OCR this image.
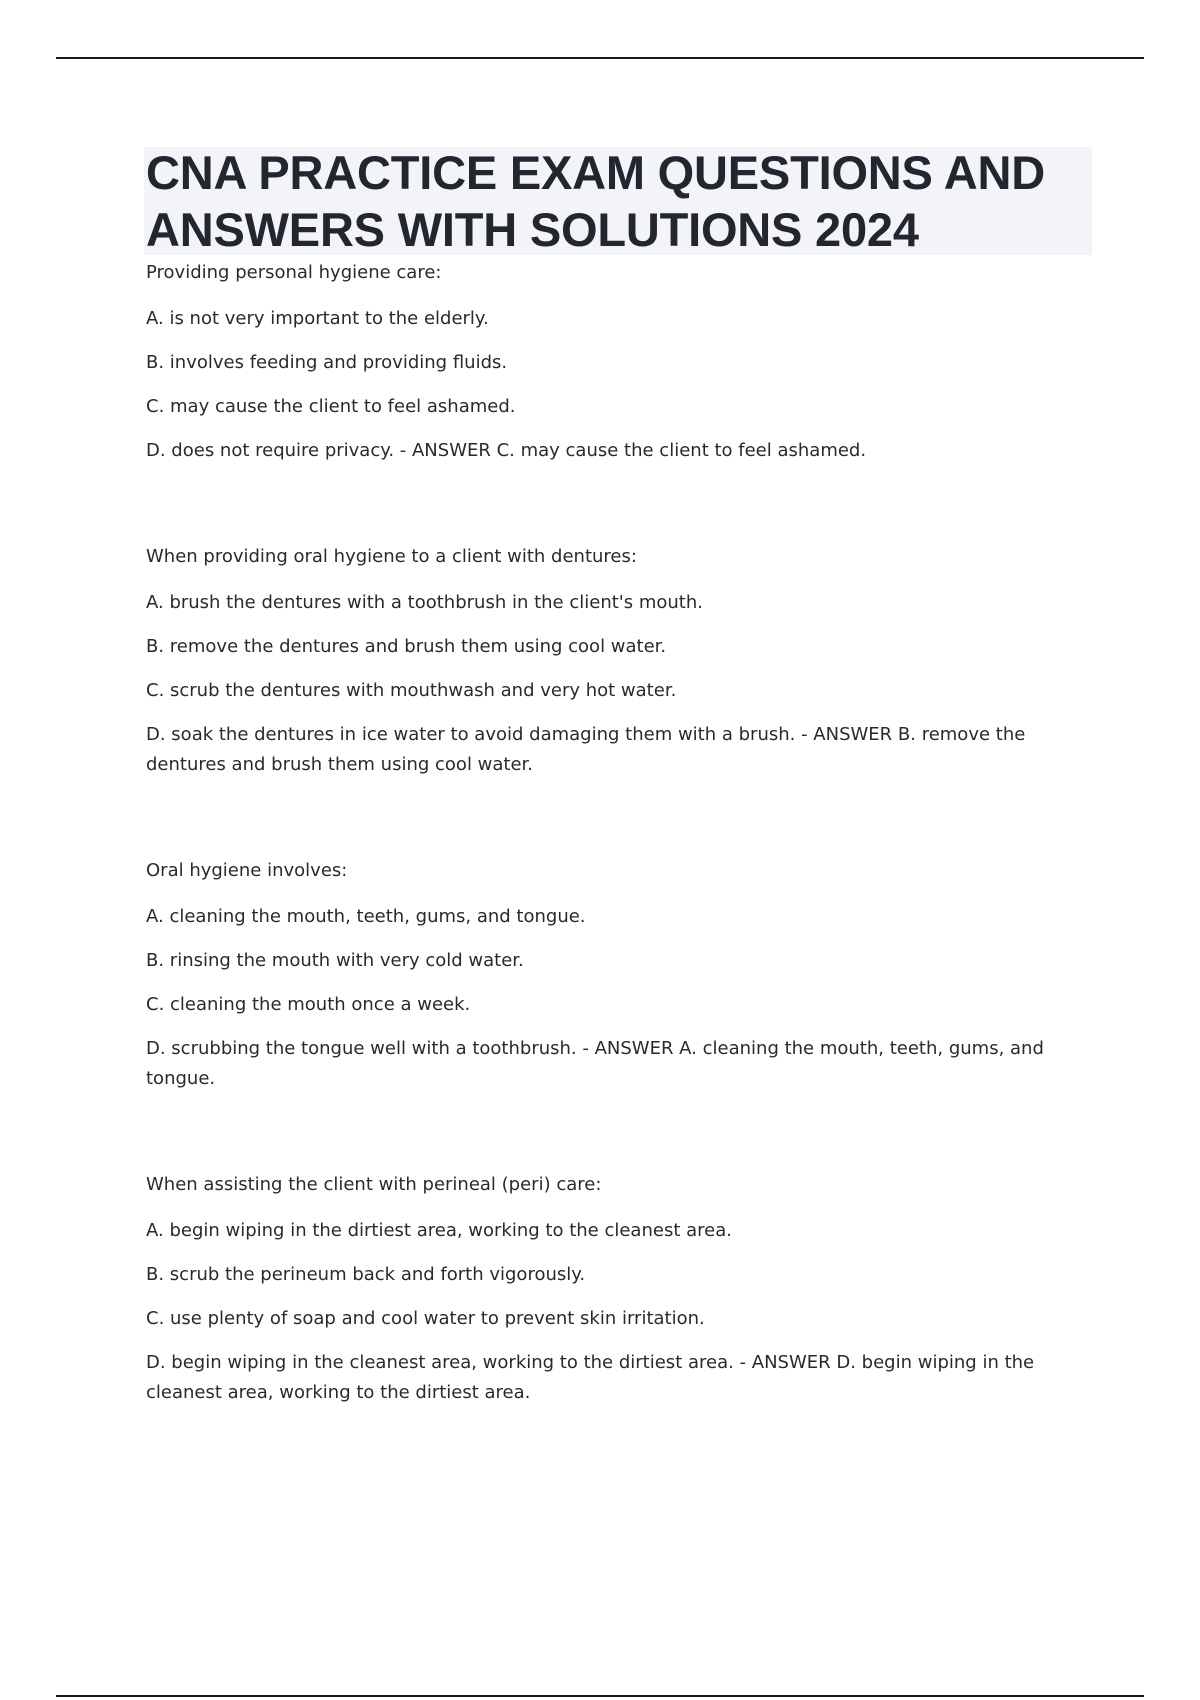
CNA PRACTICE EXAM QUESTIONS AND ANSWERS WITH SOLUTIONS 2024

Providing personal hygiene care:

A. is not very important to the elderly.

B. involves feeding and providing fluids.

C. may cause the client to feel ashamed.

D. does not require privacy. - ANSWER C. may cause the client to feel ashamed.

When providing oral hygiene to a client with dentures:

A. brush the dentures with a toothbrush in the client's mouth.

B. remove the dentures and brush them using cool water.

C. scrub the dentures with mouthwash and very hot water.

D. soak the dentures in ice water to avoid damaging them with a brush. - ANSWER B. remove the dentures and brush them using cool water.

Oral hygiene involves:

A. cleaning the mouth, teeth, gums, and tongue.

B. rinsing the mouth with very cold water.

C. cleaning the mouth once a week.

D. scrubbing the tongue well with a toothbrush. - ANSWER A. cleaning the mouth, teeth, gums, and tongue.

When assisting the client with perineal (peri) care:

A. begin wiping in the dirtiest area, working to the cleanest area.

B. scrub the perineum back and forth vigorously.

C. use plenty of soap and cool water to prevent skin irritation.

D. begin wiping in the cleanest area, working to the dirtiest area. - ANSWER D. begin wiping in the cleanest area, working to the dirtiest area.
